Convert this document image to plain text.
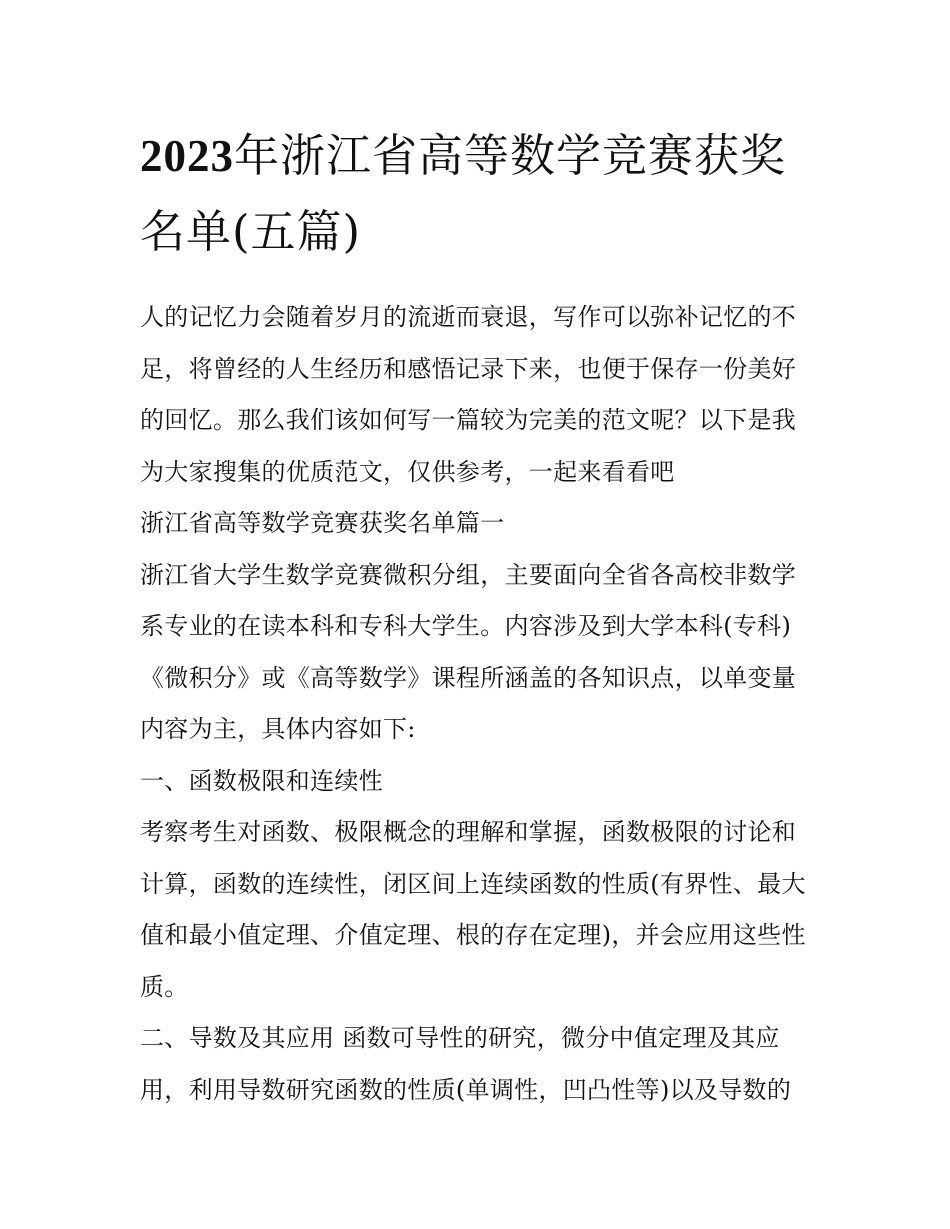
2023年浙江省高等数学竞赛获奖名单(五篇)

人的记忆力会随着岁月的流逝而衰退，写作可以弥补记忆的不足，将曾经的人生经历和感悟记录下来，也便于保存一份美好的回忆。那么我们该如何写一篇较为完美的范文呢？以下是我为大家搜集的优质范文，仅供参考，一起来看看吧

浙江省高等数学竞赛获奖名单篇一

浙江省大学生数学竞赛微积分组，主要面向全省各高校非数学系专业的在读本科和专科大学生。内容涉及到大学本科(专科)《微积分》或《高等数学》课程所涵盖的各知识点，以单变量内容为主，具体内容如下:

一、函数极限和连续性

考察考生对函数、极限概念的理解和掌握，函数极限的讨论和计算，函数的连续性，闭区间上连续函数的性质(有界性、最大值和最小值定理、介值定理、根的存在定理)，并会应用这些性质。

二、导数及其应用 函数可导性的研究，微分中值定理及其应用，利用导数研究函数的性质(单调性，凹凸性等)以及导数的
